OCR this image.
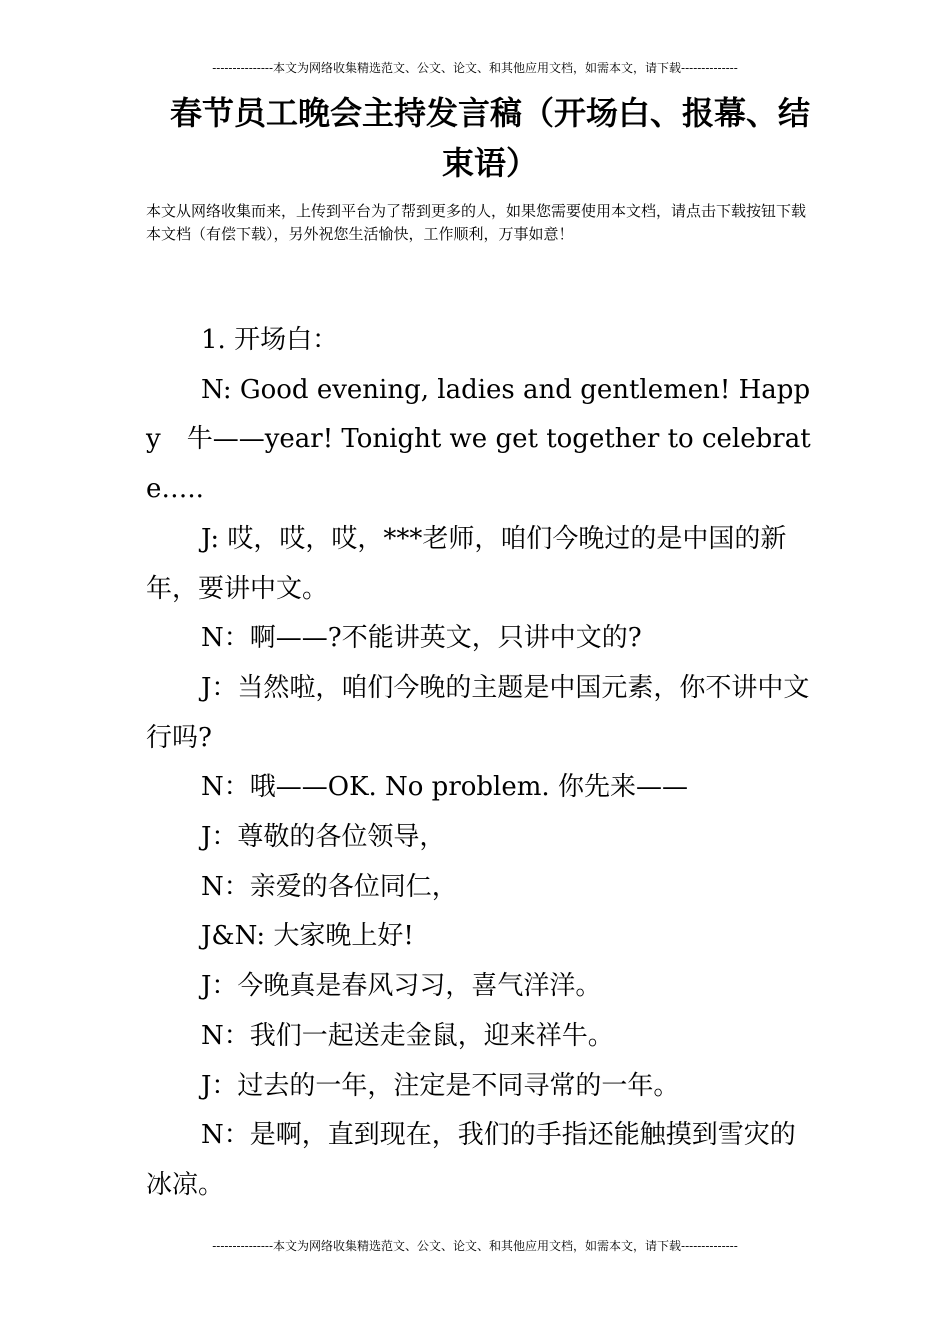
---------------本文为网络收集精选范文、公文、论文、和其他应用文档，如需本文，请下载--------------
春节员工晚会主持发言稿（开场白、报幕、结束语）

本文从网络收集而来，上传到平台为了帮到更多的人，如果您需要使用本文档，请点击下载按钮下载本文档（有偿下载），另外祝您生活愉快，工作顺利，万事如意！

1. 开场白：

N: Good evening, ladies and gentlemen! Happy　牛——year! Tonight we get together to celebrate…..

J: 哎，哎，哎，***老师，咱们今晚过的是中国的新年，要讲中文。

N：啊——?不能讲英文，只讲中文的?

J：当然啦，咱们今晚的主题是中国元素，你不讲中文行吗?

N：哦——OK. No problem. 你先来——

J：尊敬的各位领导，

N：亲爱的各位同仁，

J&N: 大家晚上好!

J：今晚真是春风习习，喜气洋洋。

N：我们一起送走金鼠，迎来祥牛。

J：过去的一年，注定是不同寻常的一年。

N：是啊，直到现在，我们的手指还能触摸到雪灾的冰凉。

---------------本文为网络收集精选范文、公文、论文、和其他应用文档，如需本文，请下载--------------
